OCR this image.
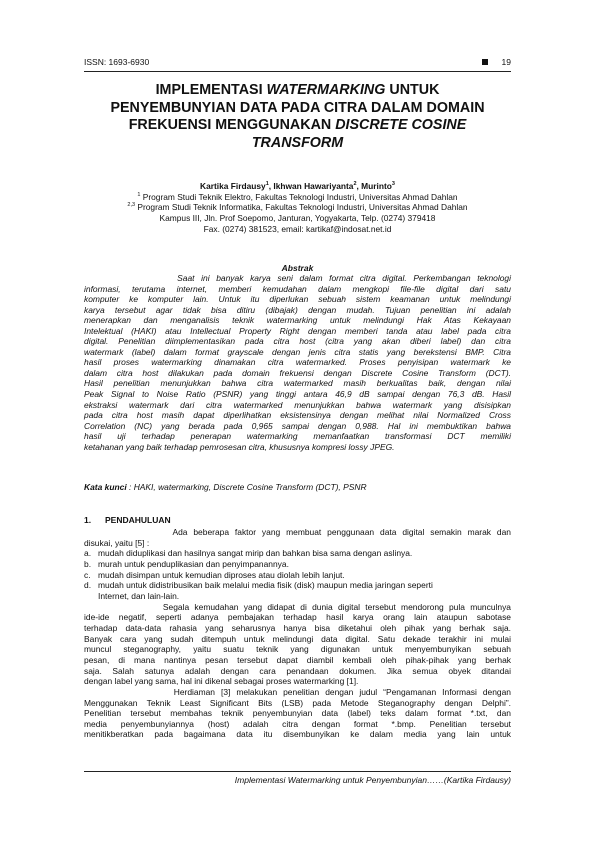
ISSN: 1693-6930	19
IMPLEMENTASI WATERMARKING UNTUK
PENYEMBUNYIAN DATA PADA CITRA DALAM DOMAIN
FREKUENSI MENGGUNAKAN DISCRETE COSINE
TRANSFORM
Kartika Firdausy$^1$, Ikhwan Hawariyanta$^2$, Murinto$^3$
$^1$ Program Studi Teknik Elektro, Fakultas Teknologi Industri, Universitas Ahmad Dahlan
$^{2,3}$ Program Studi Teknik Informatika, Fakultas Teknologi Industri, Universitas Ahmad Dahlan
Kampus III, Jln. Prof Soepomo, Janturan, Yogyakarta, Telp. (0274) 379418
Fax. (0274) 381523, email: kartikaf@indosat.net.id
Abstrak
Saat ini banyak karya seni dalam format citra digital. Perkembangan teknologi
informasi, terutama internet, memberi kemudahan dalam mengkopi file-file digital dari satu
komputer ke komputer lain. Untuk itu diperlukan sebuah sistem keamanan untuk melindungi
karya tersebut agar tidak bisa ditiru (dibajak) dengan mudah. Tujuan penelitian ini adalah
menerapkan dan menganalisis teknik watermarking untuk melindungi Hak Atas Kekayaan
Intelektual (HAKI) atau Intellectual Property Right dengan memberi tanda atau label pada citra
digital. Penelitian diimplementasikan pada citra host (citra yang akan diberi label) dan citra
watermark (label) dalam format grayscale dengan jenis citra statis yang berekstensi BMP. Citra
hasil proses watermarking dinamakan citra watermarked. Proses penyisipan watermark ke
dalam citra host dilakukan pada domain frekuensi dengan Discrete Cosine Transform (DCT).
Hasil penelitian menunjukkan bahwa citra watermarked masih berkualitas baik, dengan nilai
Peak Signal to Noise Ratio (PSNR) yang tinggi antara 46,9 dB sampai dengan 76,3 dB. Hasil
ekstraksi watermark dari citra watermarked menunjukkan bahwa watermark yang disisipkan
pada citra host masih dapat diperlihatkan eksistensinya dengan melihat nilai Normalized Cross
Correlation (NC) yang berada pada 0,965 sampai dengan 0,988. Hal ini membuktikan bahwa
hasil uji terhadap penerapan watermarking memanfaatkan transformasi DCT memiliki
ketahanan yang baik terhadap pemrosesan citra, khususnya kompresi lossy JPEG.
Kata kunci : HAKI, watermarking, Discrete Cosine Transform (DCT), PSNR
1. PENDAHULUAN
Ada beberapa faktor yang membuat penggunaan data digital semakin marak dan
disukai, yaitu [5] :
a. mudah diduplikasi dan hasilnya sangat mirip dan bahkan bisa sama dengan aslinya.
b. murah untuk penduplikasian dan penyimpanannya.
c. mudah disimpan untuk kemudian diproses atau diolah lebih lanjut.
d. mudah untuk didistribusikan baik melalui media fisik (disk) maupun media jaringan seperti
Internet, dan lain-lain.
Segala kemudahan yang didapat di dunia digital tersebut mendorong pula munculnya
ide-ide negatif, seperti adanya pembajakan terhadap hasil karya orang lain ataupun sabotase
terhadap data-data rahasia yang seharusnya hanya bisa diketahui oleh pihak yang berhak saja.
Banyak cara yang sudah ditempuh untuk melindungi data digital. Satu dekade terakhir ini mulai
muncul steganography, yaitu suatu teknik yang digunakan untuk menyembunyikan sebuah
pesan, di mana nantinya pesan tersebut dapat diambil kembali oleh pihak-pihak yang berhak
saja. Salah satunya adalah dengan cara penandaan dokumen. Jika semua obyek ditandai
dengan label yang sama, hal ini dikenal sebagai proses watermarking [1].
Herdiaman [3] melakukan penelitian dengan judul “Pengamanan Informasi dengan
Menggunakan Teknik Least Significant Bits (LSB) pada Metode Steganography dengan Delphi”.
Penelitian tersebut membahas teknik penyembunyian data (label) teks dalam format *.txt, dan
media penyembunyiannya (host) adalah citra dengan format *.bmp. Penelitian tersebut
menitikberatkan pada bagaimana data itu disembunyikan ke dalam media yang lain untuk
Implementasi Watermarking untuk Penyembunyian……(Kartika Firdausy)
